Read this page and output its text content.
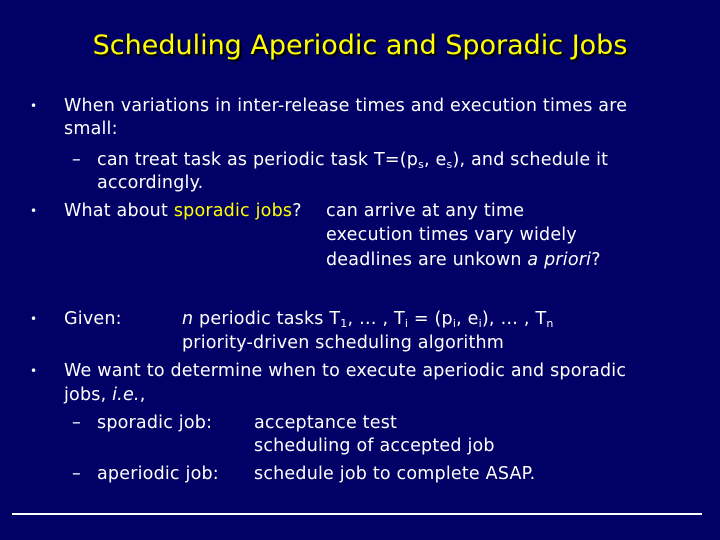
Scheduling Aperiodic and Sporadic Jobs
• When variations in inter-release times and execution times are
small:
– can treat task as periodic task $T=(p_s$, $e_s$), and schedule it
accordingly.
• What about sporadic jobs? can arrive at any time
execution times vary widely
deadlines are unkown a priori?
• Given:	n periodic tasks $T_1$, … , $T_i = (p_i$, $e_i$), … , $T_n$
priority-driven scheduling algorithm
• We want to determine when to execute aperiodic and sporadic
jobs, i.e.,
– sporadic job: acceptance test
scheduling of accepted job
– aperiodic job: schedule job to complete ASAP.
